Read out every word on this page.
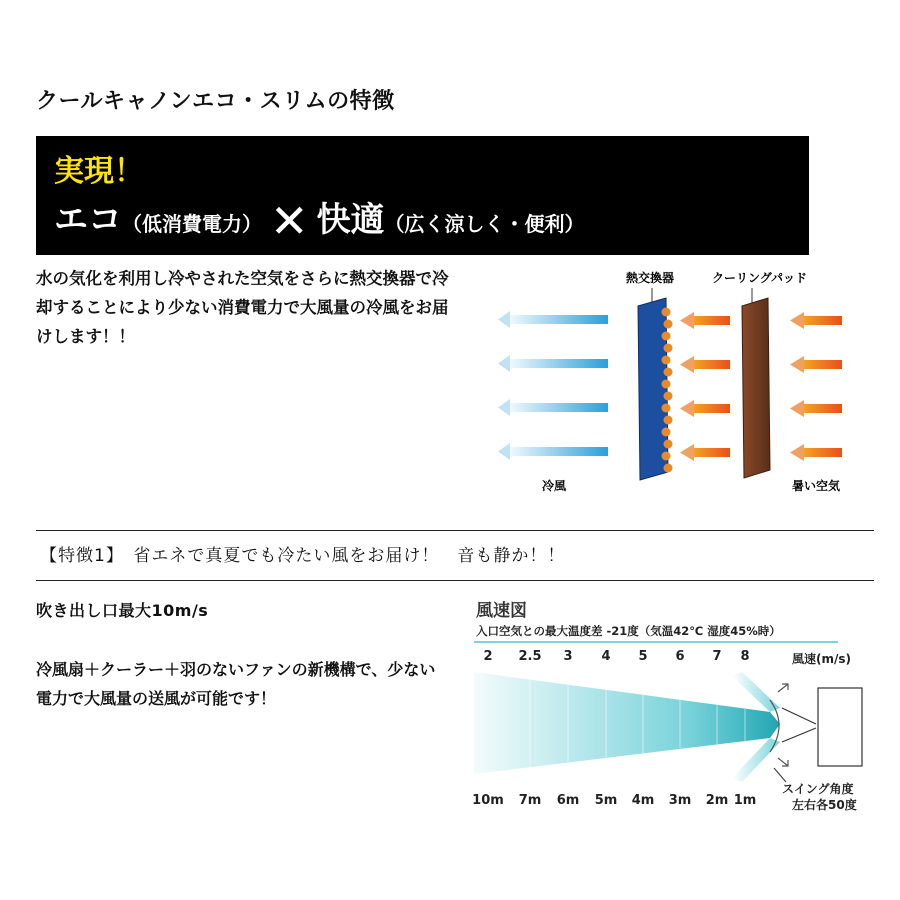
クールキャノンエコ・スリムの特徴
実現！
エコ（低消費電力） ✕ 快適（広く涼しく・便利）
水の気化を利用し冷やされた空気をさらに熱交換器で冷却することにより少ない消費電力で大風量の冷風をお届けします！！
熱交換器	クーリングパッド
冷風	暑い空気
【特徴1】　省エネで真夏でも冷たい風をお届け！　音も静か！！
吹き出し口最大10m/s
冷風扇＋クーラー＋羽のないファンの新機構で、少ない電力で大風量の送風が可能です！
風速図
入口空気との最大温度差 -21度（気温42℃ 湿度45%時）
2 2.5 3 4 5 6 7 8	風速(m/s)
スイング角度
左右各50度
10m 7m 6m 5m 4m 3m 2m 1m
